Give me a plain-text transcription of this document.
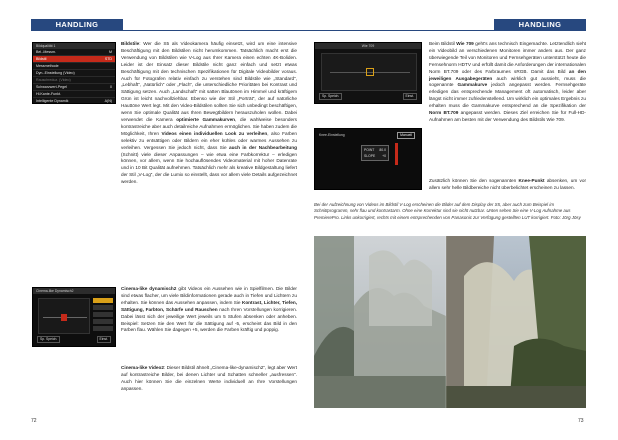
HANDLING	HANDLING
Bildqualität 1
Bel.-Messm.	M
Bildstil	STD
Messmethode
Dyn.-Einstellung (Video)
Rauschreduz. (Video)
Schwarzwert-Pegel	0
Hi.Kante-Funkt.
Intelligente Dynamik	A(N)
Bildstile: Wer die S5 als Videokamera häufig einsetzt, wird um eine intensive Beschäftigung mit den Bildstilen nicht herumkommen. Tatsächlich macht erst die Verwendung von Bildstilen wie V-Log aus Ihrer Kamera einen echten 4K-Boliden. Leider ist der Einsatz dieser Bildstile nicht ganz einfach und setzt etwas Beschäftigung mit den technischen Spezifikationen für Digitale Videobilder voraus. Auch für Fotografen relativ einfach zu verstehen sind Bildstile wie „Standard“, „Lebhaft“, „Natürlich“ oder „Flach“, die unterschiedliche Prioritäten bei Kontrast und Sättigung setzen. Auch „Landschaft“ mit satten Blautönen im Himmel und kräftigem Grün ist leicht nachvollziehbar. Ebenso wie der Stil „Porträt“, der auf natürliche Hauttöne Wert legt. Mit den Video-Bildstilen sollten Sie sich unbedingt beschäftigen, wenn Sie optimale Qualität aus Ihren Bewegtbildern herauszuholen wollen. Dabei verwendet die Kamera optimierte Gammakurven, die wahlweise besonders kontrastreiche aber auch detailreiche Aufnahmen ermöglichen. Sie haben zudem die Möglichkeit, Ihren Videos einen individuellen Look zu verleihen, also Farben selektiv zu entsättigen oder Bildern ein eher kühles oder warmes Aussehen zu verleihen. Vergessen Sie jedoch nicht, dass Sie auch in der Nachbearbeitung (Schnitt) viele dieser Anpassungen – wie etwa eine Farbkorrektur – erledigen können, vor allem, wenn Sie hochauflösendes Videomaterial mit hoher Datenrate und in 10 Bit Qualität aufnehmen. Tatsächlich mehr als kreative Bildgestaltung liefert der Stil „V-Log“, der die Lumix so einstellt, dass vor allem viele Details aufgezeichnet werden.
Cinema-like Dynamisch2
Sp. Speich.	Einst.
Cinema-like dynamisch2 gibt Videos ein Aussehen wie in Spielfilmen. Die Bilder sind etwas flacher, um viele Bildinformationen gerade auch in Tiefen und Lichtern zu erhalten. Sie können das Aussehen anpassen, indem Sie Kontrast, Lichter, Tiefen, Sättigung, Farbton, Schärfe und Rauschen nach Ihren Vorstellungen korrigieren. Dabei lässt sich der jeweilige Wert jeweils um 5 Stufen absenken oder anheben. Beispiel: Setzen Sie den Wert für die Sättigung auf -5, erscheint das Bild in den Farben flau. Wählen Sie dagegen +5, werden die Farben kräftig und poppig.
Cinema-like Video2: Dieser Bildstil ähnelt „Cinema-like-dynamisch2“, legt aber Wert auf kontrastreiche Bilder, bei denen Lichter und Schatten schneller „ausfressen“. Auch hier können Sie die einzelnen Werte individuell an Ihre Vorstellungen anpassen.
72
Wie 709
Sp. Speich.	Einst.
Knee-Einstellung	Manuell
POINT 80.0
SLOPE +0
Beim Bildstil Wie 709 geht's ans technisch Eingemachte. Letztendlich sieht ein Videobild an verschiedenen Monitoren immer anders aus. Der ganz überwiegende Teil von Monitoren und Fernsehgeräten unterstützt heute die Fernsehnorm HDTV und erfüllt damit die Anforderungen der internationalen Norm BT.709 oder des Farbraumes sRGB. Damit das Bild an den jeweiligen Ausgabegeräten auch wirklich gut aussieht, muss die sogenannte Gammakurve jedoch angepasst werden. Fernsehgeräte erledigen das entsprechende Management oft automatisch, leider aber längst nicht immer zufriedenstellend. Um wirklich ein optimales Ergebnis zu erhalten muss die Gammakurve entsprechend an die Spezifikation der Norm BT.709 angepasst werden. Dieses Ziel erreichen Sie für Full-HD-Aufnahmen am besten mit der Verwendung des Bildstils Wie 709.
Zusätzlich können Sie den sogenannten Knee-Punkt absenken, um vor allem sehr helle Bildbereiche nicht überbelichtet erscheinen zu lassen.
Bei der Aufzeichnung von Videos im Bildstil V-Log erscheinen die Bilder auf dem Display der S5, aber auch zum Beispiel im Schnittprogramm, sehr flau und kontrastarm. Ohne eine Korrektur sind sie nicht nutzbar. Unten sehen Sie eine V-Log Aufnahme aus PremierePro. Links unkorrigiert, rechts mit einem entsprechenden von Panasonic zur Verfügung gestellten LUT korrigiert. Foto: Jörg Jösy
73
